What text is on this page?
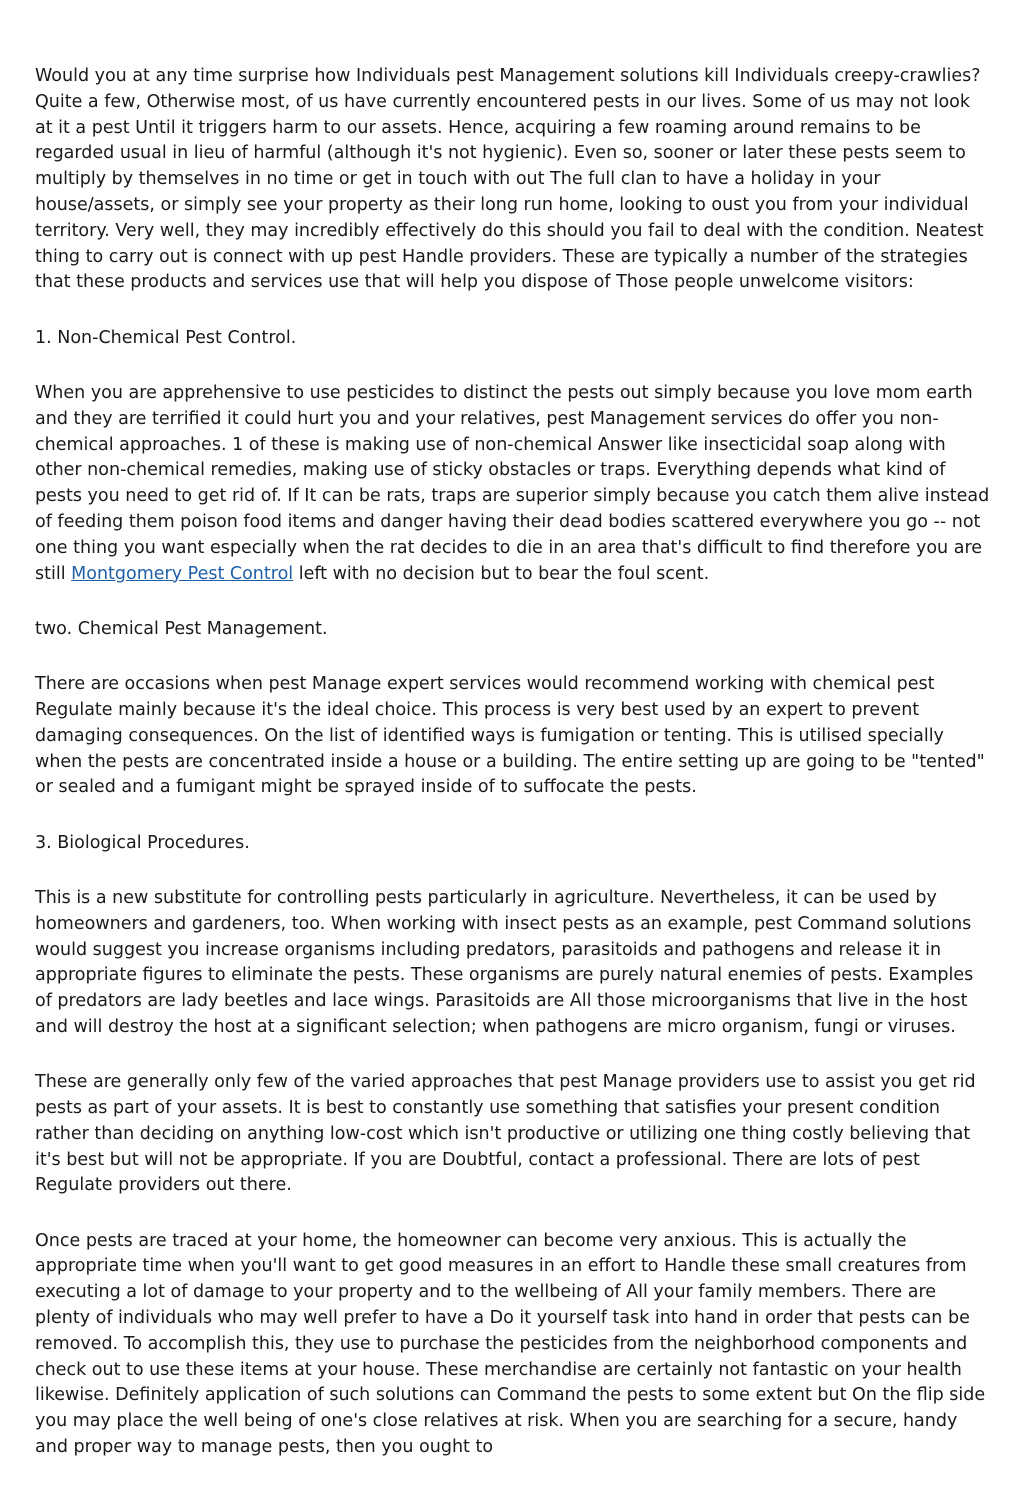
Would you at any time surprise how Individuals pest Management solutions kill Individuals creepy-crawlies? Quite a few, Otherwise most, of us have currently encountered pests in our lives. Some of us may not look at it a pest Until it triggers harm to our assets. Hence, acquiring a few roaming around remains to be regarded usual in lieu of harmful (although it's not hygienic). Even so, sooner or later these pests seem to multiply by themselves in no time or get in touch with out The full clan to have a holiday in your house/assets, or simply see your property as their long run home, looking to oust you from your individual territory. Very well, they may incredibly effectively do this should you fail to deal with the condition. Neatest thing to carry out is connect with up pest Handle providers. These are typically a number of the strategies that these products and services use that will help you dispose of Those people unwelcome visitors:

1. Non-Chemical Pest Control.

When you are apprehensive to use pesticides to distinct the pests out simply because you love mom earth and they are terrified it could hurt you and your relatives, pest Management services do offer you non-chemical approaches. 1 of these is making use of non-chemical Answer like insecticidal soap along with other non-chemical remedies, making use of sticky obstacles or traps. Everything depends what kind of pests you need to get rid of. If It can be rats, traps are superior simply because you catch them alive instead of feeding them poison food items and danger having their dead bodies scattered everywhere you go -- not one thing you want especially when the rat decides to die in an area that's difficult to find therefore you are still Montgomery Pest Control left with no decision but to bear the foul scent.

two. Chemical Pest Management.

There are occasions when pest Manage expert services would recommend working with chemical pest Regulate mainly because it's the ideal choice. This process is very best used by an expert to prevent damaging consequences. On the list of identified ways is fumigation or tenting. This is utilised specially when the pests are concentrated inside a house or a building. The entire setting up are going to be "tented" or sealed and a fumigant might be sprayed inside of to suffocate the pests.

3. Biological Procedures.

This is a new substitute for controlling pests particularly in agriculture. Nevertheless, it can be used by homeowners and gardeners, too. When working with insect pests as an example, pest Command solutions would suggest you increase organisms including predators, parasitoids and pathogens and release it in appropriate figures to eliminate the pests. These organisms are purely natural enemies of pests. Examples of predators are lady beetles and lace wings. Parasitoids are All those microorganisms that live in the host and will destroy the host at a significant selection; when pathogens are micro organism, fungi or viruses.

These are generally only few of the varied approaches that pest Manage providers use to assist you get rid pests as part of your assets. It is best to constantly use something that satisfies your present condition rather than deciding on anything low-cost which isn't productive or utilizing one thing costly believing that it's best but will not be appropriate. If you are Doubtful, contact a professional. There are lots of pest Regulate providers out there.

Once pests are traced at your home, the homeowner can become very anxious. This is actually the appropriate time when you'll want to get good measures in an effort to Handle these small creatures from executing a lot of damage to your property and to the wellbeing of All your family members. There are plenty of individuals who may well prefer to have a Do it yourself task into hand in order that pests can be removed. To accomplish this, they use to purchase the pesticides from the neighborhood components and check out to use these items at your house. These merchandise are certainly not fantastic on your health likewise. Definitely application of such solutions can Command the pests to some extent but On the flip side you may place the well being of one's close relatives at risk. When you are searching for a secure, handy and proper way to manage pests, then you ought to
